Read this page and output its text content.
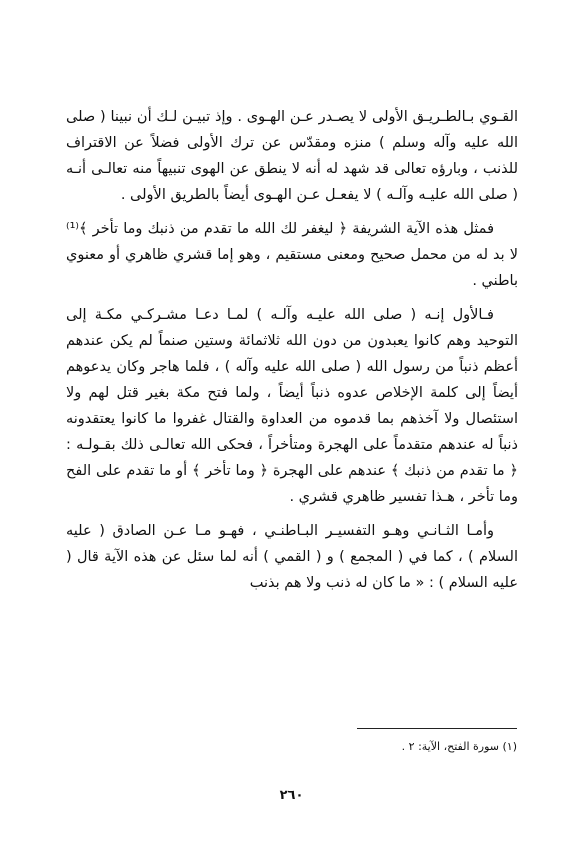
القـوي بـالطـريـق الأولى لا يصـدر عـن الهـوى . وإذ تبيـن لـك أن نبينا ( صلى الله عليه وآله وسلم ) منزه ومقدّس عن ترك الأولى فضلاً عن الاقتراف للذنب ، وبارؤه تعالى قد شهد له أنه لا ينطق عن الهوى تنبيهاً منه تعالـى أنـه ( صلى الله عليـه وآلـه ) لا يفعـل عـن الهـوى أيضاً بالطريق الأولى .

فمثل هذه الآية الشريفة ﴿ ليغفر لك الله ما تقدم من ذنبك وما تأخر ﴾⁽¹⁾ لا بد له من محمل صحيح ومعنى مستقيم ، وهو إما قشري ظاهري أو معنوي باطني .

فـالأول إنـه ( صلى الله عليـه وآلـه ) لمـا دعـا مشـركـي مكـة إلى التوحيد وهم كانوا يعبدون من دون الله ثلاثمائة وستين صنماً لم يكن عندهم أعظم ذنباً من رسول الله ( صلى الله عليه وآله ) ، فلما هاجر وكان يدعوهم أيضاً إلى كلمة الإخلاص عدوه ذنباً أيضاً ، ولما فتح مكة بغير قتل لهم ولا استئصال ولا آخذهم بما قدموه من العداوة والقتال غفروا ما كانوا يعتقدونه ذنباً له عندهم متقدماً على الهجرة ومتأخراً ، فحكى الله تعالـى ذلك بقـولـه : ﴿ ما تقدم من ذنبك ﴾ عندهم على الهجرة ﴿ وما تأخر ﴾ أو ما تقدم على الفح وما تأخر ، هـذا تفسير ظاهري قشري .

وأمـا الثـانـي وهـو التفسيـر البـاطنـي ، فهـو مـا عـن الصادق ( عليه السلام ) ، كما في ( المجمع ) و ( القمي ) أنه لما سئل عن هذه الآية قال ( عليه السلام ) : « ما كان له ذنب ولا هم بذنب

(١) سورة الفتح، الآية: ٢ .
٢٦٠
